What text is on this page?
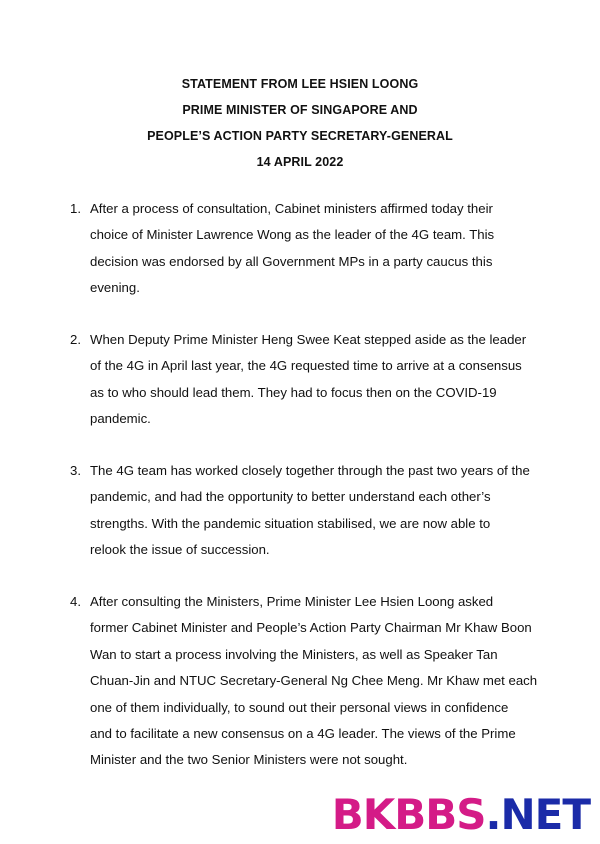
STATEMENT FROM LEE HSIEN LOONG
PRIME MINISTER OF SINGAPORE AND
PEOPLE’S ACTION PARTY SECRETARY-GENERAL
14 APRIL 2022
1. After a process of consultation, Cabinet ministers affirmed today their
choice of Minister Lawrence Wong as the leader of the 4G team. This
decision was endorsed by all Government MPs in a party caucus this
evening.
2. When Deputy Prime Minister Heng Swee Keat stepped aside as the leader
of the 4G in April last year, the 4G requested time to arrive at a consensus
as to who should lead them. They had to focus then on the COVID-19
pandemic.
3. The 4G team has worked closely together through the past two years of the
pandemic, and had the opportunity to better understand each other’s
strengths. With the pandemic situation stabilised, we are now able to
relook the issue of succession.
4. After consulting the Ministers, Prime Minister Lee Hsien Loong asked
former Cabinet Minister and People’s Action Party Chairman Mr Khaw Boon
Wan to start a process involving the Ministers, as well as Speaker Tan
Chuan-Jin and NTUC Secretary-General Ng Chee Meng. Mr Khaw met each
one of them individually, to sound out their personal views in confidence
and to facilitate a new consensus on a 4G leader. The views of the Prime
Minister and the two Senior Ministers were not sought.
BKBBS.NET
